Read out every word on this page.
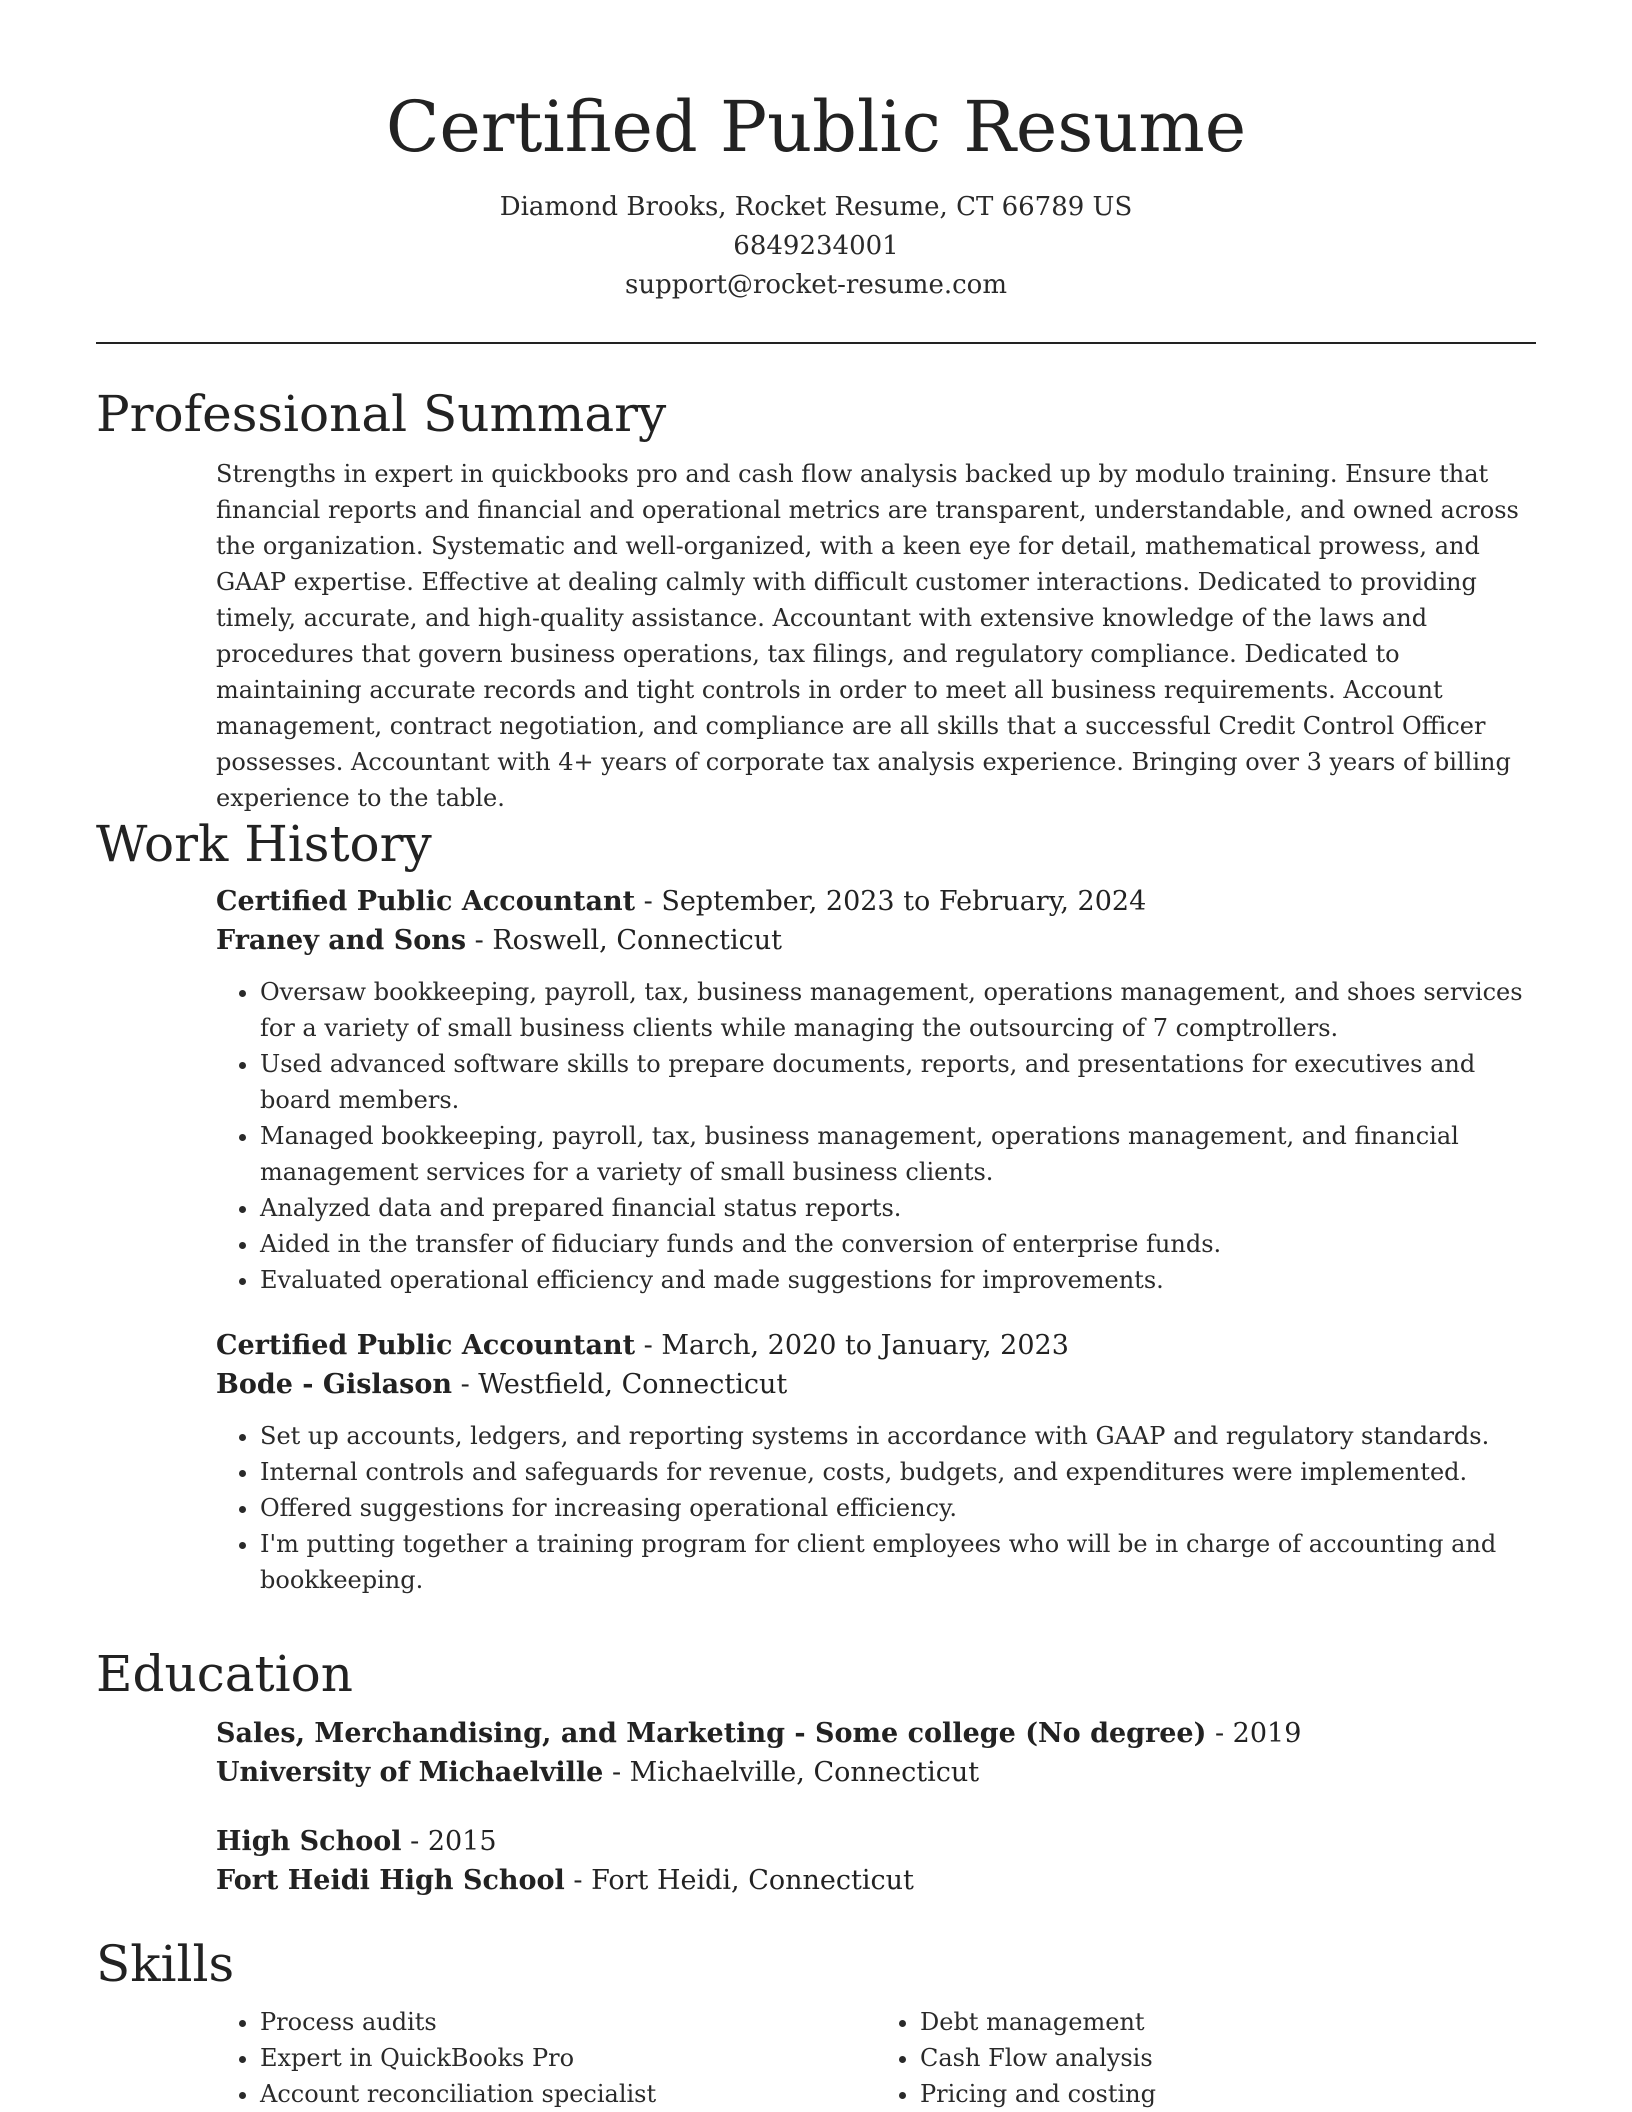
Certified Public Resume
Diamond Brooks, Rocket Resume, CT 66789 US
6849234001
support@rocket-resume.com
Professional Summary

Strengths in expert in quickbooks pro and cash flow analysis backed up by modulo training. Ensure that financial reports and financial and operational metrics are transparent, understandable, and owned across the organization. Systematic and well-organized, with a keen eye for detail, mathematical prowess, and GAAP expertise. Effective at dealing calmly with difficult customer interactions. Dedicated to providing timely, accurate, and high-quality assistance. Accountant with extensive knowledge of the laws and procedures that govern business operations, tax filings, and regulatory compliance. Dedicated to maintaining accurate records and tight controls in order to meet all business requirements. Account management, contract negotiation, and compliance are all skills that a successful Credit Control Officer possesses. Accountant with 4+ years of corporate tax analysis experience. Bringing over 3 years of billing experience to the table.

Work History
Certified Public Accountant - September, 2023 to February, 2024
Franey and Sons - Roswell, Connecticut
• Oversaw bookkeeping, payroll, tax, business management, operations management, and shoes services for a variety of small business clients while managing the outsourcing of 7 comptrollers.
• Used advanced software skills to prepare documents, reports, and presentations for executives and board members.
• Managed bookkeeping, payroll, tax, business management, operations management, and financial management services for a variety of small business clients.
• Analyzed data and prepared financial status reports.
• Aided in the transfer of fiduciary funds and the conversion of enterprise funds.
• Evaluated operational efficiency and made suggestions for improvements.
Certified Public Accountant - March, 2020 to January, 2023
Bode - Gislason - Westfield, Connecticut
• Set up accounts, ledgers, and reporting systems in accordance with GAAP and regulatory standards.
• Internal controls and safeguards for revenue, costs, budgets, and expenditures were implemented.
• Offered suggestions for increasing operational efficiency.
• I'm putting together a training program for client employees who will be in charge of accounting and bookkeeping.
Education
Sales, Merchandising, and Marketing - Some college (No degree) - 2019
University of Michaelville - Michaelville, Connecticut
High School - 2015
Fort Heidi High School - Fort Heidi, Connecticut
Skills
• Process audits
• Expert in QuickBooks Pro
• Account reconciliation specialist
• Debt management
• Cash Flow analysis
• Pricing and costing
